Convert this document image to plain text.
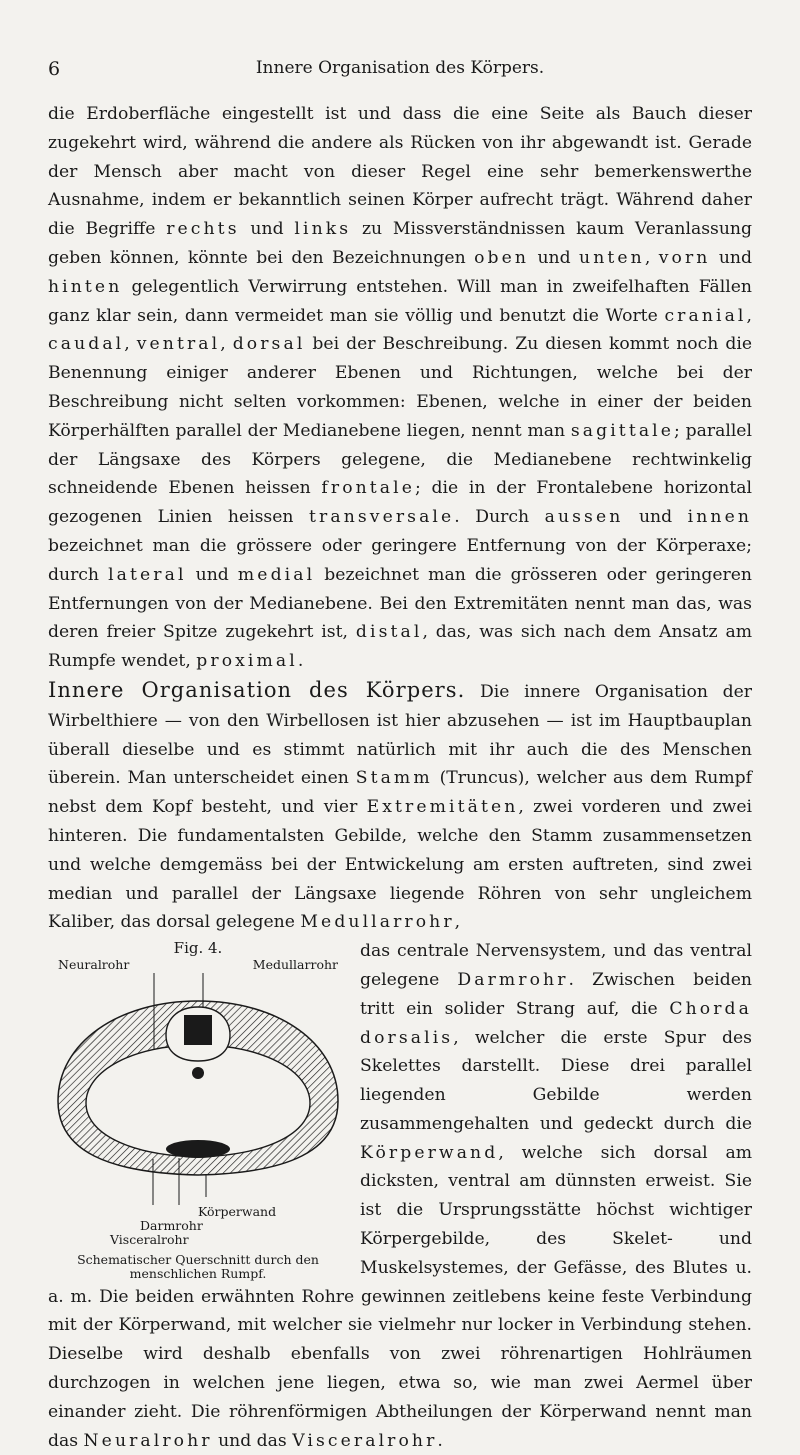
6	Innere Organisation des Körpers.

die Erdoberfläche eingestellt ist und dass die eine Seite als Bauch dieser zugekehrt wird, während die andere als Rücken von ihr abgewandt ist. Gerade der Mensch aber macht von dieser Regel eine sehr bemerkenswerthe Ausnahme, indem er bekanntlich seinen Körper aufrecht trägt. Während daher die Begriffe rechts und links zu Missverständnissen kaum Veranlassung geben können, könnte bei den Bezeichnungen oben und unten, vorn und hinten gelegentlich Verwirrung entstehen. Will man in zweifelhaften Fällen ganz klar sein, dann vermeidet man sie völlig und benutzt die Worte cranial, caudal, ventral, dorsal bei der Beschreibung. Zu diesen kommt noch die Benennung einiger anderer Ebenen und Richtungen, welche bei der Beschreibung nicht selten vorkommen: Ebenen, welche in einer der beiden Körperhälften parallel der Medianebene liegen, nennt man sagittale; parallel der Längsaxe des Körpers gelegene, die Medianebene rechtwinkelig schneidende Ebenen heissen frontale; die in der Frontalebene horizontal gezogenen Linien heissen transversale. Durch aussen und innen bezeichnet man die grössere oder geringere Entfernung von der Körperaxe; durch lateral und medial bezeichnet man die grösseren oder geringeren Entfernungen von der Medianebene. Bei den Extremitäten nennt man das, was deren freier Spitze zugekehrt ist, distal, das, was sich nach dem Ansatz am Rumpfe wendet, proximal.

Innere Organisation des Körpers. Die innere Organisation der Wirbelthiere — von den Wirbellosen ist hier abzusehen — ist im Hauptbauplan überall dieselbe und es stimmt natürlich mit ihr auch die des Menschen überein. Man unterscheidet einen Stamm (Truncus), welcher aus dem Rumpf nebst dem Kopf besteht, und vier Extremitäten, zwei vorderen und zwei hinteren. Die fundamentalsten Gebilde, welche den Stamm zusammensetzen und welche demgemäss bei der Entwickelung am ersten auftreten, sind zwei median und parallel der Längsaxe liegende Röhren von sehr ungleichem Kaliber, das dorsal gelegene Medullarrohr,

Fig. 4.
Neuralrohr	Medullarrohr
Körperwand
Darmrohr
Visceralrohr
Schematischer Querschnitt durch den menschlichen Rumpf.

das centrale Nervensystem, und das ventral gelegene Darmrohr. Zwischen beiden tritt ein solider Strang auf, die Chorda dorsalis, welcher die erste Spur des Skelettes darstellt. Diese drei parallel liegenden Gebilde werden zusammengehalten und gedeckt durch die Körperwand, welche sich dorsal am dicksten, ventral am dünnsten erweist. Sie ist die Ursprungsstätte höchst wichtiger Körpergebilde, des Skelet- und Muskelsystemes, der Gefässe, des Blutes u. a. m. Die beiden erwähnten Rohre gewinnen zeitlebens keine feste Verbindung mit der Körperwand, mit welcher sie vielmehr nur locker in Verbindung stehen. Dieselbe wird deshalb ebenfalls von zwei röhrenartigen Hohlräumen durchzogen in welchen jene liegen, etwa so, wie man zwei Aermel über einander zieht. Die röhrenförmigen Abtheilungen der Körperwand nennt man das Neuralrohr und das Visceralrohr.
